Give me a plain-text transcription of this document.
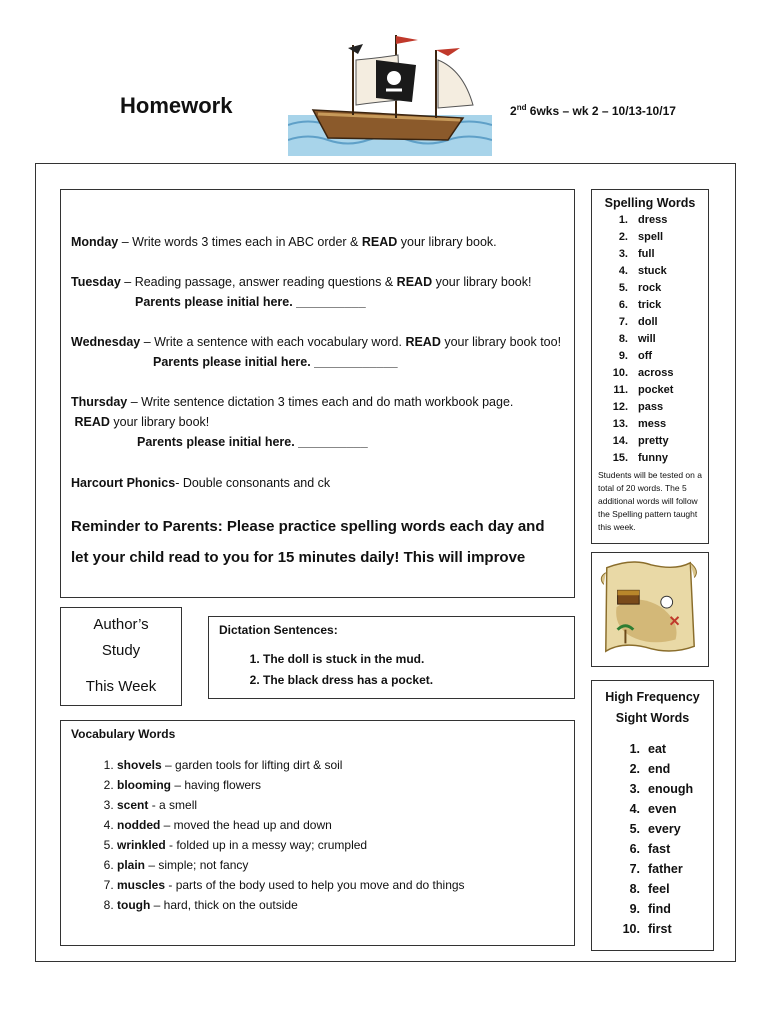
Homework	2nd 6wks – wk 2 – 10/13-10/17

Monday – Write words 3 times each in ABC order & READ your library book.

Tuesday – Reading passage, answer reading questions & READ your library book!

Parents please initial here. __________

Wednesday – Write a sentence with each vocabulary word. READ your library book too!

Parents please initial here. ____________

Thursday – Write sentence dictation 3 times each and do math workbook page.
READ your library book!

Parents please initial here. __________

Harcourt Phonics- Double consonants and ck

Reminder to Parents: Please practice spelling words each day and let your child read to you for 15 minutes daily! This will improve

Spelling Words
1. dress
2. spell
3. full
4. stuck
5. rock
6. trick
7. doll
8. will
9. off
10. across
11. pocket
12. pass
13. mess
14. pretty
15. funny
Students will be tested on a total of 20 words. The 5 additional words will follow the Spelling pattern taught this week.
Author’s
Study
This Week
Dictation Sentences:
1. The doll is stuck in the mud.
2. The black dress has a pocket.
Vocabulary Words
1. shovels – garden tools for lifting dirt & soil
2. blooming – having flowers
3. scent - a smell
4. nodded – moved the head up and down
5. wrinkled - folded up in a messy way; crumpled
6. plain – simple; not fancy
7. muscles - parts of the body used to help you move and do things
8. tough – hard, thick on the outside
High Frequency
Sight Words
1. eat
2. end
3. enough
4. even
5. every
6. fast
7. father
8. feel
9. find
10. first
